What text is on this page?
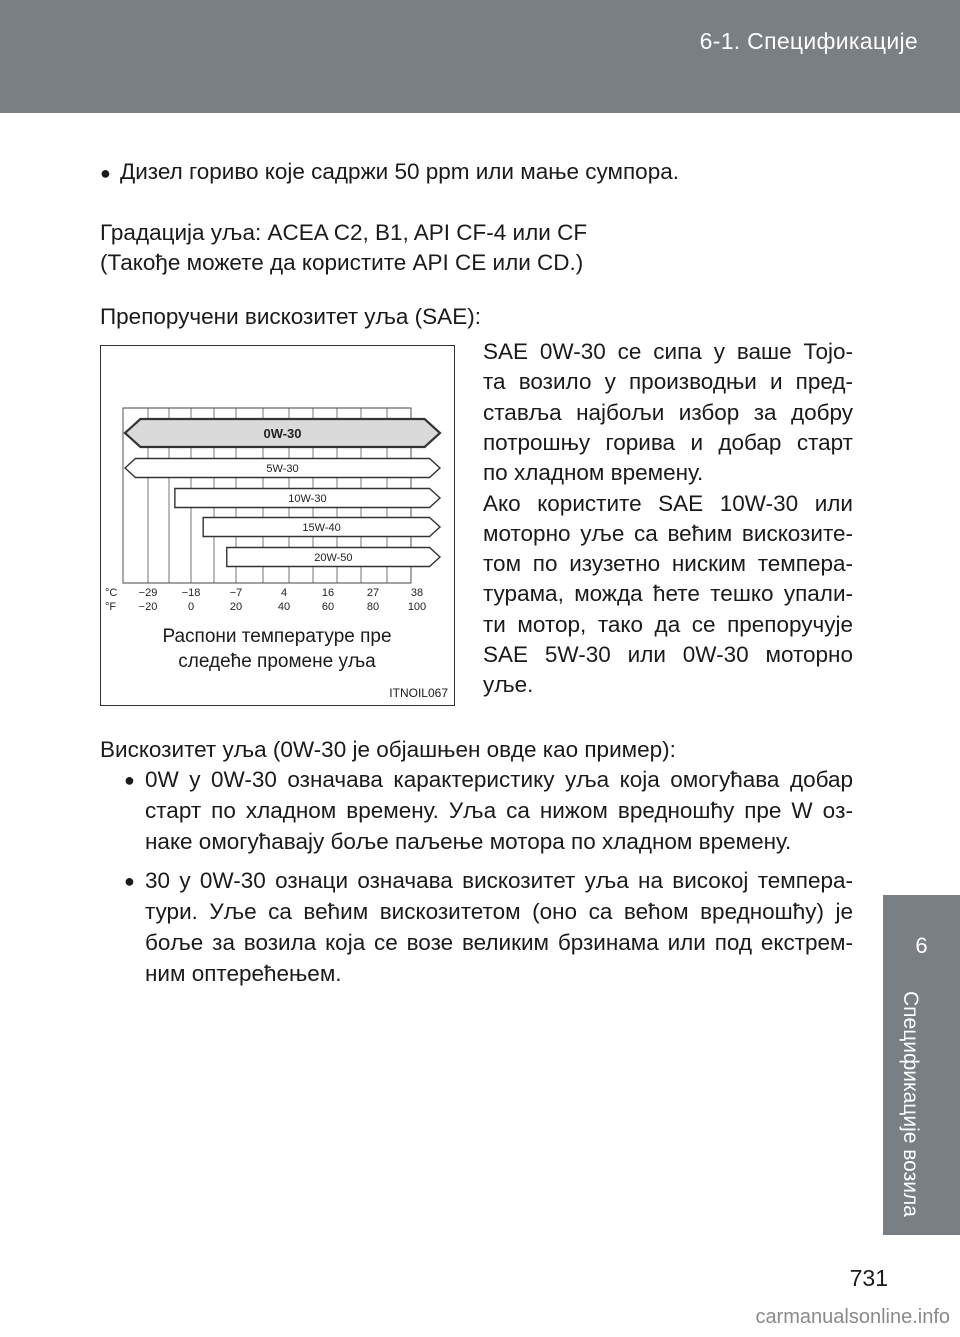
6-1. Спецификације
6
Спецификације возила
● Дизел гориво које садржи 50 ppm или мање сумпора.
Градација уља: ACEA C2, B1, API CF-4 или CF
(Такође можете да користите API CE или CD.)
Препоручени вискозитет уља (SAE):
SAE 0W-30 се сипа у ваше Тојо-
та возило у производњи и пред-
стављa најбољи избор за добру
потрошњу горива и добар старт
по хладном времену.
Ако користите SAE 10W-30 или
моторно уље са већим вискозите-
том по изузетно ниским темпера-
турама, можда ћете тешко упали-
ти мотор, тако да се препоручује
SAE 5W-30 или 0W-30 моторно
уље.
0W-30
5W-30
10W-30
15W-40
20W-50
°C
°F
−29 −18	−7	4	16	27	38
−20	0	20	40	60	80	100
Распони температуре пре
следеће промене уља
ITNOIL067
Вискозитет уља (0W-30 је објашњен овде као пример):
0W у 0W-30 означава карактеристику уља која омогућава добар
старт по хладном времену. Уља са нижом вредношћу пре W oз-
наке омогућавају боље паљење мотора по хладном времену.
●
30 у 0W-30 ознаци означава вискозитет уља на високој темпера-
тури. Уље са већим вискозитетом (оно са већом вредношћу) је
боље за возила која се возе великим брзинама или под екстрем-
ним оптерећењем.
●
731
carmanualsonline.info
